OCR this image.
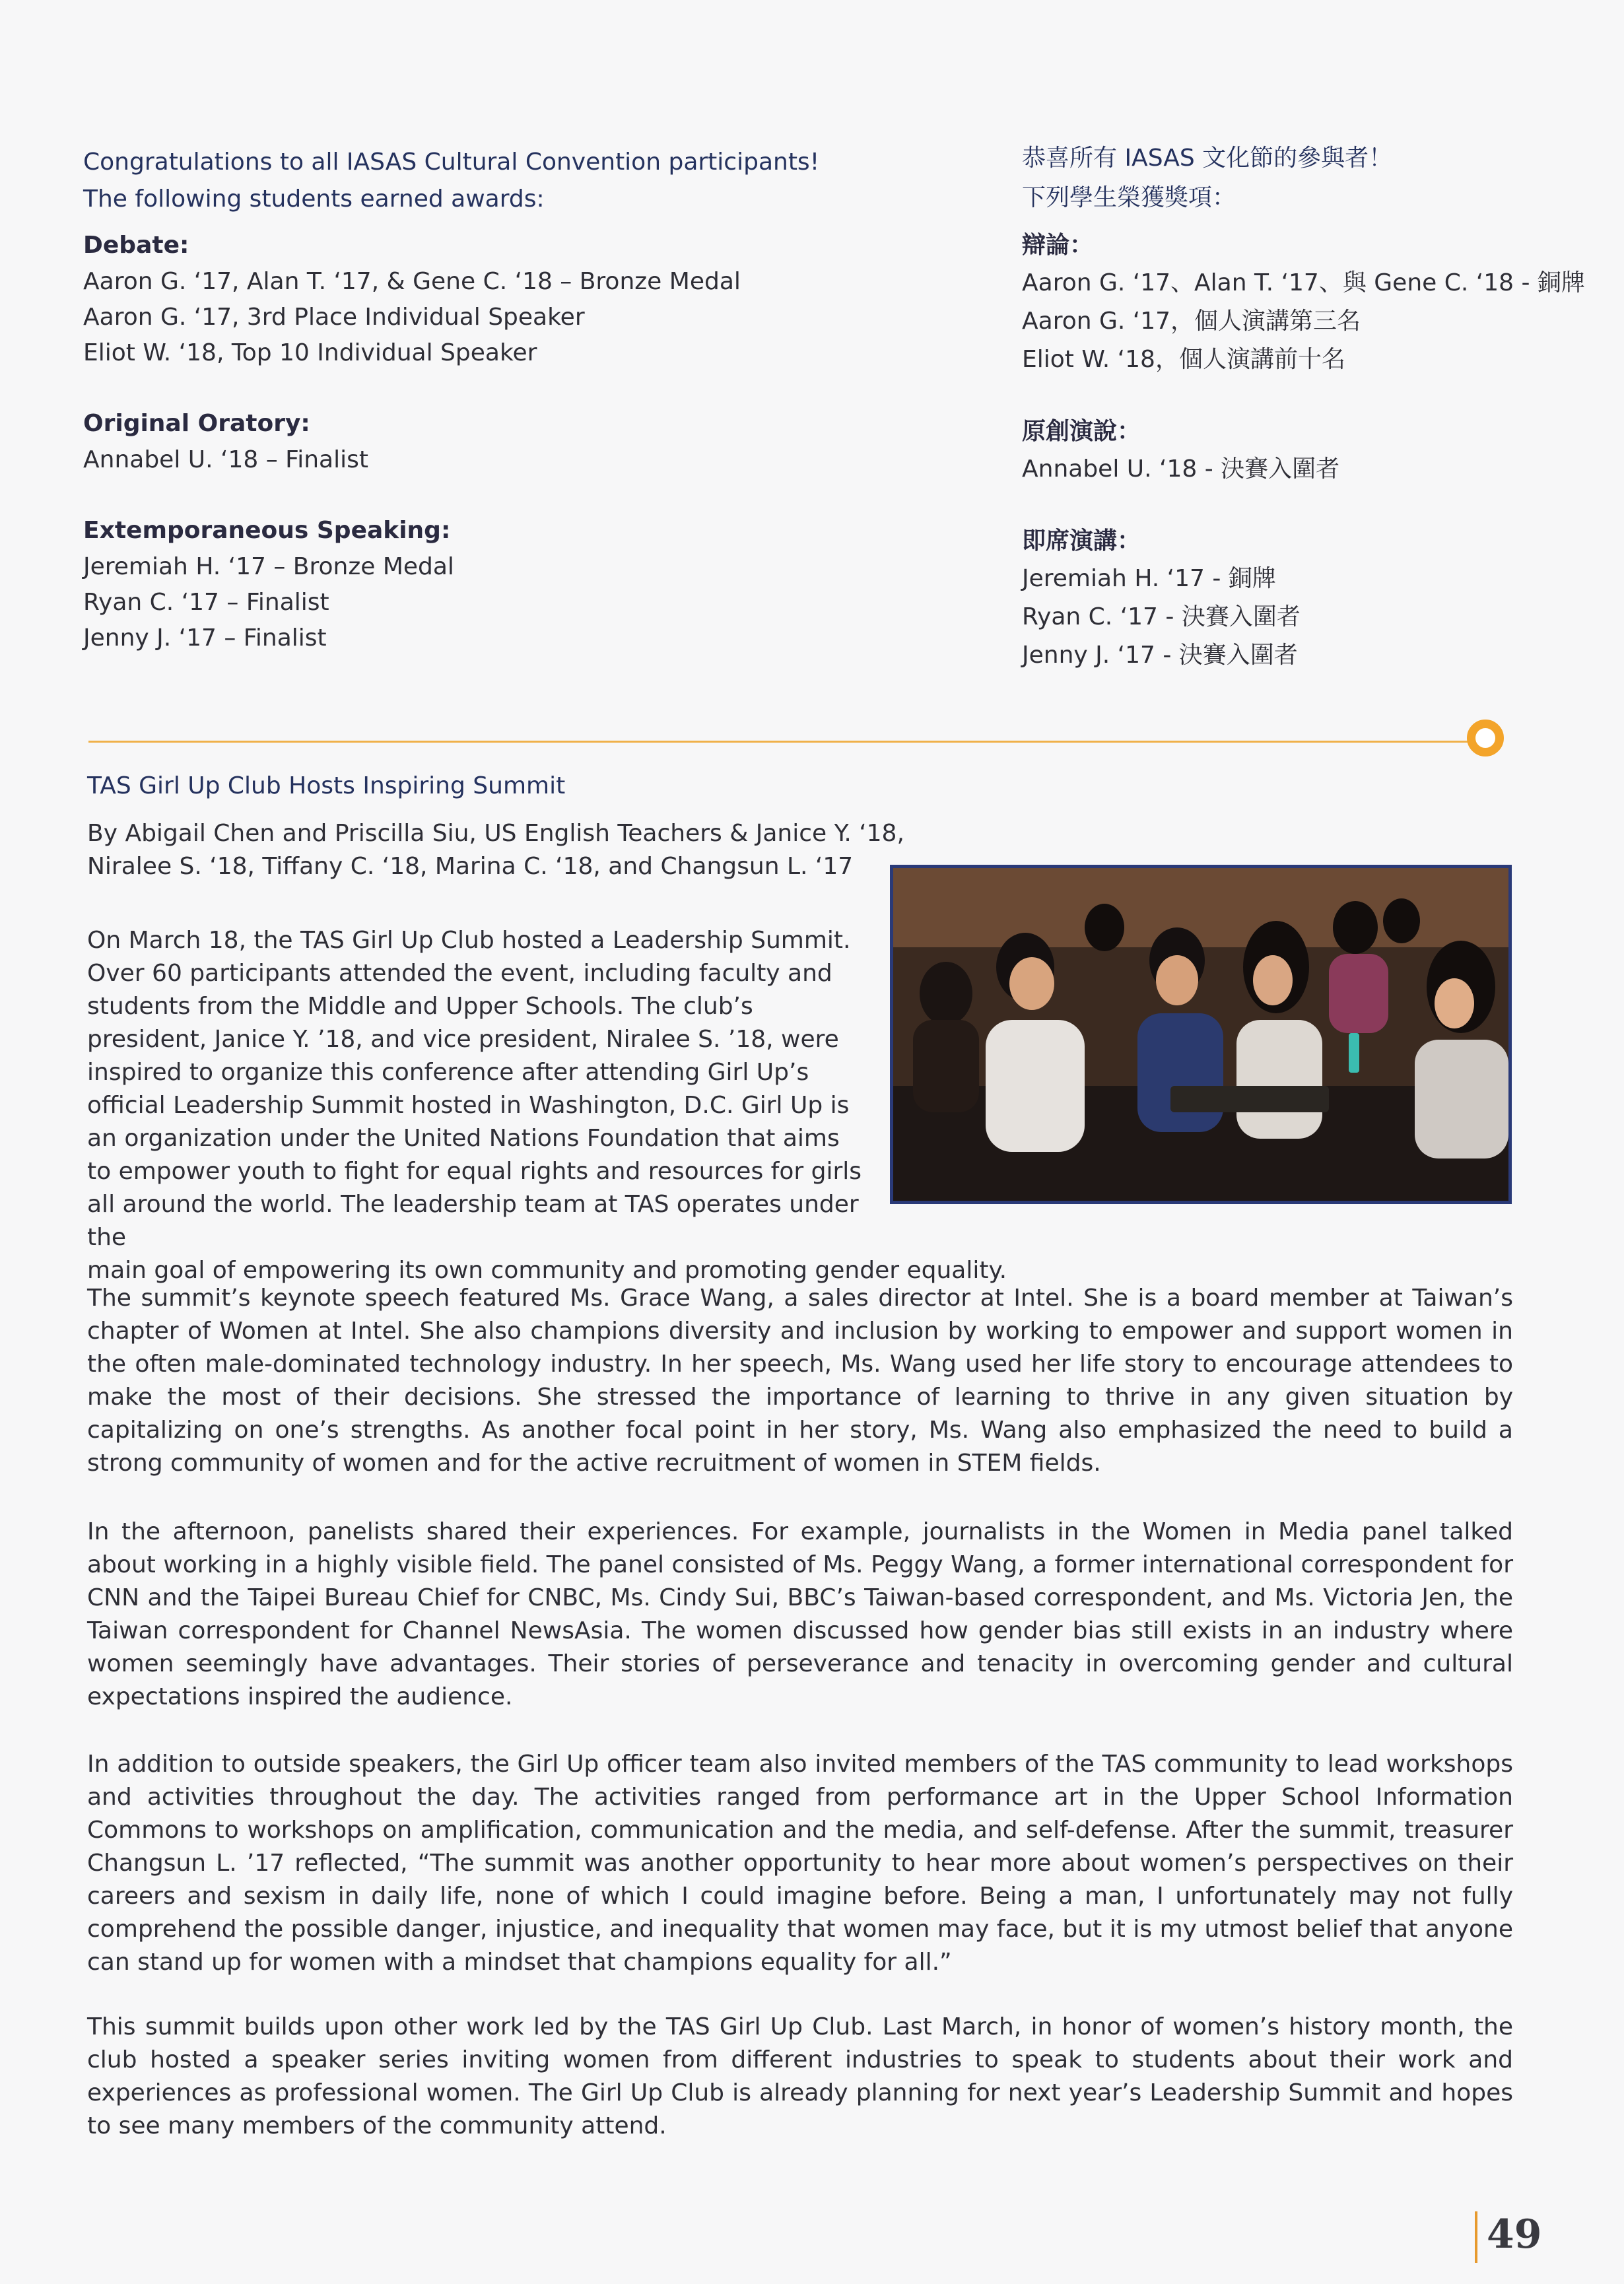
Congratulations to all IASAS Cultural Convention participants!
The following students earned awards:
Debate:
Aaron G. ‘17, Alan T. ‘17, & Gene C. ‘18 – Bronze Medal
Aaron G. ‘17, 3rd Place Individual Speaker
Eliot W. ‘18, Top 10 Individual Speaker
Original Oratory:
Annabel U. ‘18 – Finalist
Extemporaneous Speaking:
Jeremiah H. ‘17 – Bronze Medal
Ryan C. ‘17 – Finalist
Jenny J. ‘17 – Finalist
恭喜所有 IASAS 文化節的參與者！
下列學生榮獲獎項：
辯論：
Aaron G. ‘17、Alan T. ‘17、與 Gene C. ‘18 - 銅牌
Aaron G. ‘17，個人演講第三名
Eliot W. ‘18，個人演講前十名
原創演說：
Annabel U. ‘18 - 決賽入圍者
即席演講：
Jeremiah H. ‘17 - 銅牌
Ryan C. ‘17 - 決賽入圍者
Jenny J. ‘17 - 決賽入圍者
TAS Girl Up Club Hosts Inspiring Summit
By Abigail Chen and Priscilla Siu, US English Teachers & Janice Y. ‘18,
Niralee S. ‘18, Tiffany C. ‘18, Marina C. ‘18, and Changsun L. ‘17
On March 18, the TAS Girl Up Club hosted a Leadership Summit. Over 60 participants attended the event, including faculty and students from the Middle and Upper Schools. The club’s president, Janice Y. ’18, and vice president, Niralee S. ’18, were inspired to organize this conference after attending Girl Up’s official Leadership Summit hosted in Washington, D.C. Girl Up is an organization under the United Nations Foundation that aims to empower youth to fight for equal rights and resources for girls all around the world. The leadership team at TAS operates under the
main goal of empowering its own community and promoting gender equality.
The summit’s keynote speech featured Ms. Grace Wang, a sales director at Intel. She is a board member at Taiwan’s chapter of Women at Intel. She also champions diversity and inclusion by working to empower and support women in the often male-dominated technology industry. In her speech, Ms. Wang used her life story to encourage attendees to make the most of their decisions. She stressed the importance of learning to thrive in any given situation by capitalizing on one’s strengths. As another focal point in her story, Ms. Wang also emphasized the need to build a strong community of women and for the active recruitment of women in STEM fields.
In the afternoon, panelists shared their experiences. For example, journalists in the Women in Media panel talked about working in a highly visible field. The panel consisted of Ms. Peggy Wang, a former international correspondent for CNN and the Taipei Bureau Chief for CNBC, Ms. Cindy Sui, BBC’s Taiwan-based correspondent, and Ms. Victoria Jen, the Taiwan correspondent for Channel NewsAsia. The women discussed how gender bias still exists in an industry where women seemingly have advantages. Their stories of perseverance and tenacity in overcoming gender and cultural expectations inspired the audience.
In addition to outside speakers, the Girl Up officer team also invited members of the TAS community to lead workshops and activities throughout the day. The activities ranged from performance art in the Upper School Information Commons to workshops on amplification, communication and the media, and self-defense. After the summit, treasurer Changsun L. ’17 reflected, “The summit was another opportunity to hear more about women’s perspectives on their careers and sexism in daily life, none of which I could imagine before. Being a man, I unfortunately may not fully comprehend the possible danger, injustice, and inequality that women may face, but it is my utmost belief that anyone can stand up for women with a mindset that champions equality for all.”
This summit builds upon other work led by the TAS Girl Up Club. Last March, in honor of women’s history month, the club hosted a speaker series inviting women from different industries to speak to students about their work and experiences as professional women. The Girl Up Club is already planning for next year’s Leadership Summit and hopes to see many members of the community attend.
49
